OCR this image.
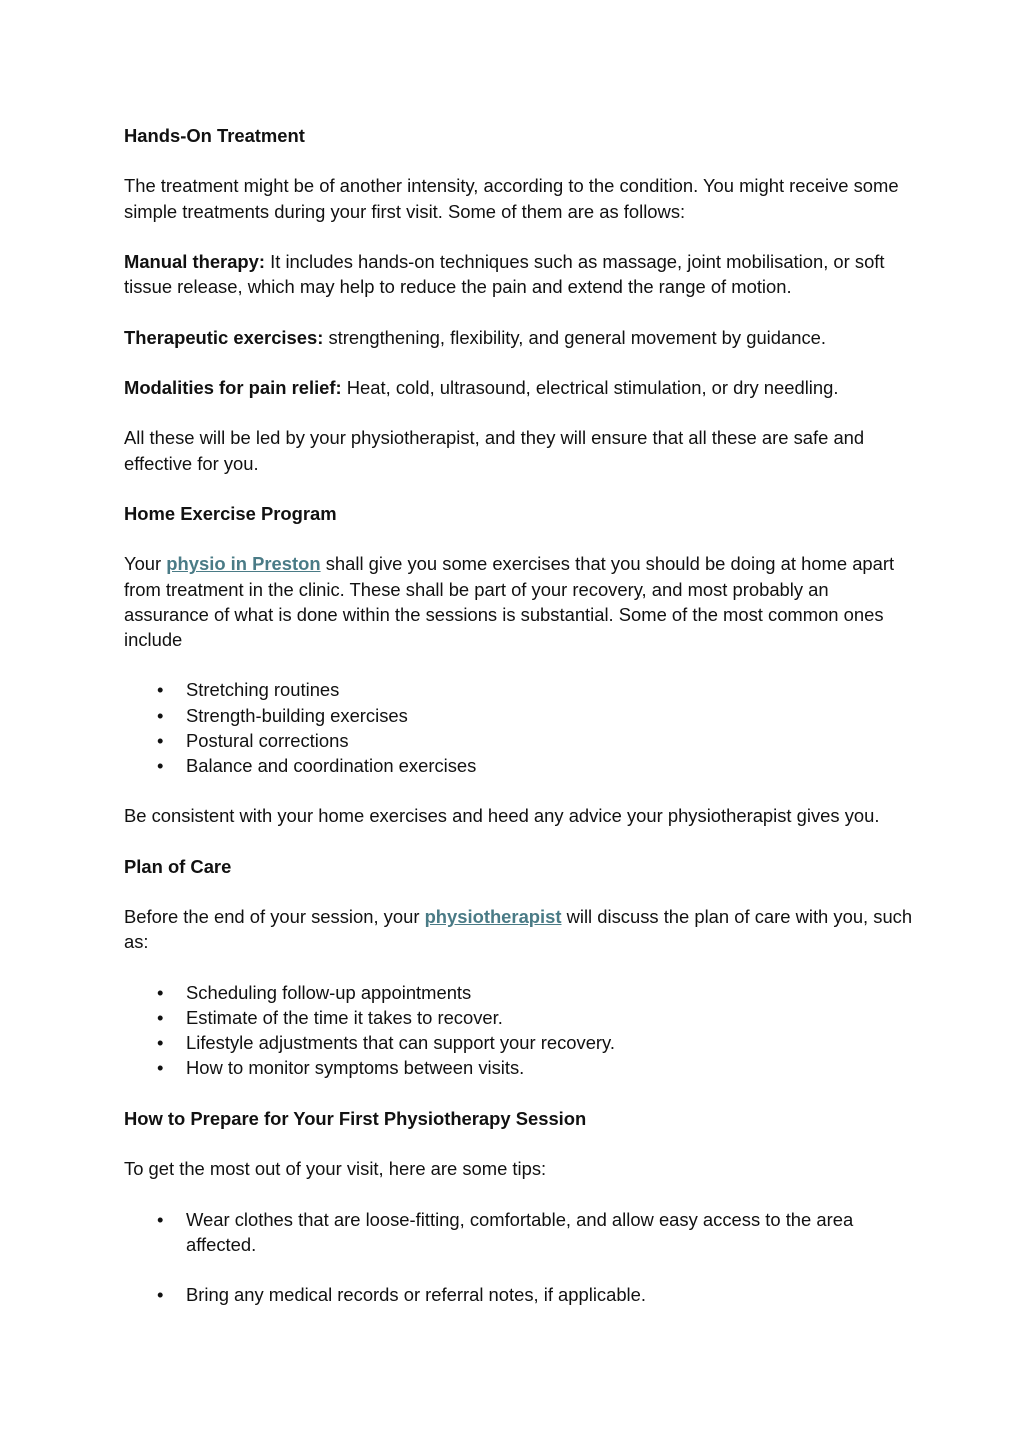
Hands-On Treatment

The treatment might be of another intensity, according to the condition. You might receive some simple treatments during your first visit. Some of them are as follows:

Manual therapy: It includes hands-on techniques such as massage, joint mobilisation, or soft tissue release, which may help to reduce the pain and extend the range of motion.

Therapeutic exercises: strengthening, flexibility, and general movement by guidance.

Modalities for pain relief: Heat, cold, ultrasound, electrical stimulation, or dry needling.

All these will be led by your physiotherapist, and they will ensure that all these are safe and effective for you.

Home Exercise Program

Your physio in Preston shall give you some exercises that you should be doing at home apart from treatment in the clinic. These shall be part of your recovery, and most probably an assurance of what is done within the sessions is substantial. Some of the most common ones include

• Stretching routines
• Strength-building exercises
• Postural corrections
• Balance and coordination exercises

Be consistent with your home exercises and heed any advice your physiotherapist gives you.

Plan of Care

Before the end of your session, your physiotherapist will discuss the plan of care with you, such as:

• Scheduling follow-up appointments
• Estimate of the time it takes to recover.
• Lifestyle adjustments that can support your recovery.
• How to monitor symptoms between visits.
How to Prepare for Your First Physiotherapy Session

To get the most out of your visit, here are some tips:

• Wear clothes that are loose-fitting, comfortable, and allow easy access to the area affected.
• Bring any medical records or referral notes, if applicable.
